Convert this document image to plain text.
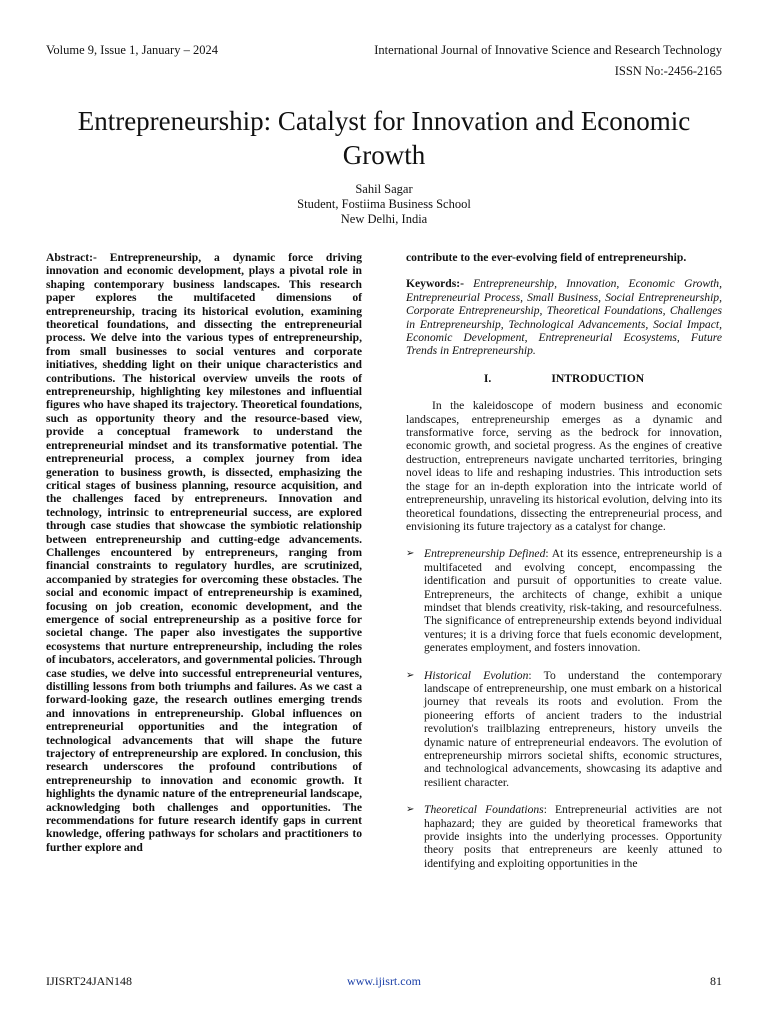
Volume 9, Issue 1, January – 2024	International Journal of Innovative Science and Research Technology
ISSN No:-2456-2165
Entrepreneurship: Catalyst for Innovation and Economic Growth
Sahil Sagar
Student, Fostiima Business School
New Delhi, India

Abstract:- Entrepreneurship, a dynamic force driving innovation and economic development, plays a pivotal role in shaping contemporary business landscapes. This research paper explores the multifaceted dimensions of entrepreneurship, tracing its historical evolution, examining theoretical foundations, and dissecting the entrepreneurial process. We delve into the various types of entrepreneurship, from small businesses to social ventures and corporate initiatives, shedding light on their unique characteristics and contributions. The historical overview unveils the roots of entrepreneurship, highlighting key milestones and influential figures who have shaped its trajectory. Theoretical foundations, such as opportunity theory and the resource-based view, provide a conceptual framework to understand the entrepreneurial mindset and its transformative potential. The entrepreneurial process, a complex journey from idea generation to business growth, is dissected, emphasizing the critical stages of business planning, resource acquisition, and the challenges faced by entrepreneurs. Innovation and technology, intrinsic to entrepreneurial success, are explored through case studies that showcase the symbiotic relationship between entrepreneurship and cutting-edge advancements. Challenges encountered by entrepreneurs, ranging from financial constraints to regulatory hurdles, are scrutinized, accompanied by strategies for overcoming these obstacles. The social and economic impact of entrepreneurship is examined, focusing on job creation, economic development, and the emergence of social entrepreneurship as a positive force for societal change. The paper also investigates the supportive ecosystems that nurture entrepreneurship, including the roles of incubators, accelerators, and governmental policies. Through case studies, we delve into successful entrepreneurial ventures, distilling lessons from both triumphs and failures. As we cast a forward-looking gaze, the research outlines emerging trends and innovations in entrepreneurship. Global influences on entrepreneurial opportunities and the integration of technological advancements that will shape the future trajectory of entrepreneurship are explored. In conclusion, this research underscores the profound contributions of entrepreneurship to innovation and economic growth. It highlights the dynamic nature of the entrepreneurial landscape, acknowledging both challenges and opportunities. The recommendations for future research identify gaps in current knowledge, offering pathways for scholars and practitioners to further explore and

contribute to the ever-evolving field of entrepreneurship.

Keywords:- Entrepreneurship, Innovation, Economic Growth, Entrepreneurial Process, Small Business, Social Entrepreneurship, Corporate Entrepreneurship, Theoretical Foundations, Challenges in Entrepreneurship, Technological Advancements, Social Impact, Economic Development, Entrepreneurial Ecosystems, Future Trends in Entrepreneurship.

I.	INTRODUCTION

In the kaleidoscope of modern business and economic landscapes, entrepreneurship emerges as a dynamic and transformative force, serving as the bedrock for innovation, economic growth, and societal progress. As the engines of creative destruction, entrepreneurs navigate uncharted territories, bringing novel ideas to life and reshaping industries. This introduction sets the stage for an in-depth exploration into the intricate world of entrepreneurship, unraveling its historical evolution, delving into its theoretical foundations, dissecting the entrepreneurial process, and envisioning its future trajectory as a catalyst for change.

➢ Entrepreneurship Defined: At its essence, entrepreneurship is a multifaceted and evolving concept, encompassing the identification and pursuit of opportunities to create value. Entrepreneurs, the architects of change, exhibit a unique mindset that blends creativity, risk-taking, and resourcefulness. The significance of entrepreneurship extends beyond individual ventures; it is a driving force that fuels economic development, generates employment, and fosters innovation.
➢ Historical Evolution: To understand the contemporary landscape of entrepreneurship, one must embark on a historical journey that reveals its roots and evolution. From the pioneering efforts of ancient traders to the industrial revolution's trailblazing entrepreneurs, history unveils the dynamic nature of entrepreneurial endeavors. The evolution of entrepreneurship mirrors societal shifts, economic structures, and technological advancements, showcasing its adaptive and resilient character.
➢ Theoretical Foundations: Entrepreneurial activities are not haphazard; they are guided by theoretical frameworks that provide insights into the underlying processes. Opportunity theory posits that entrepreneurs are keenly attuned to identifying and exploiting opportunities in the
IJISRT24JAN148	www.ijisrt.com	81
